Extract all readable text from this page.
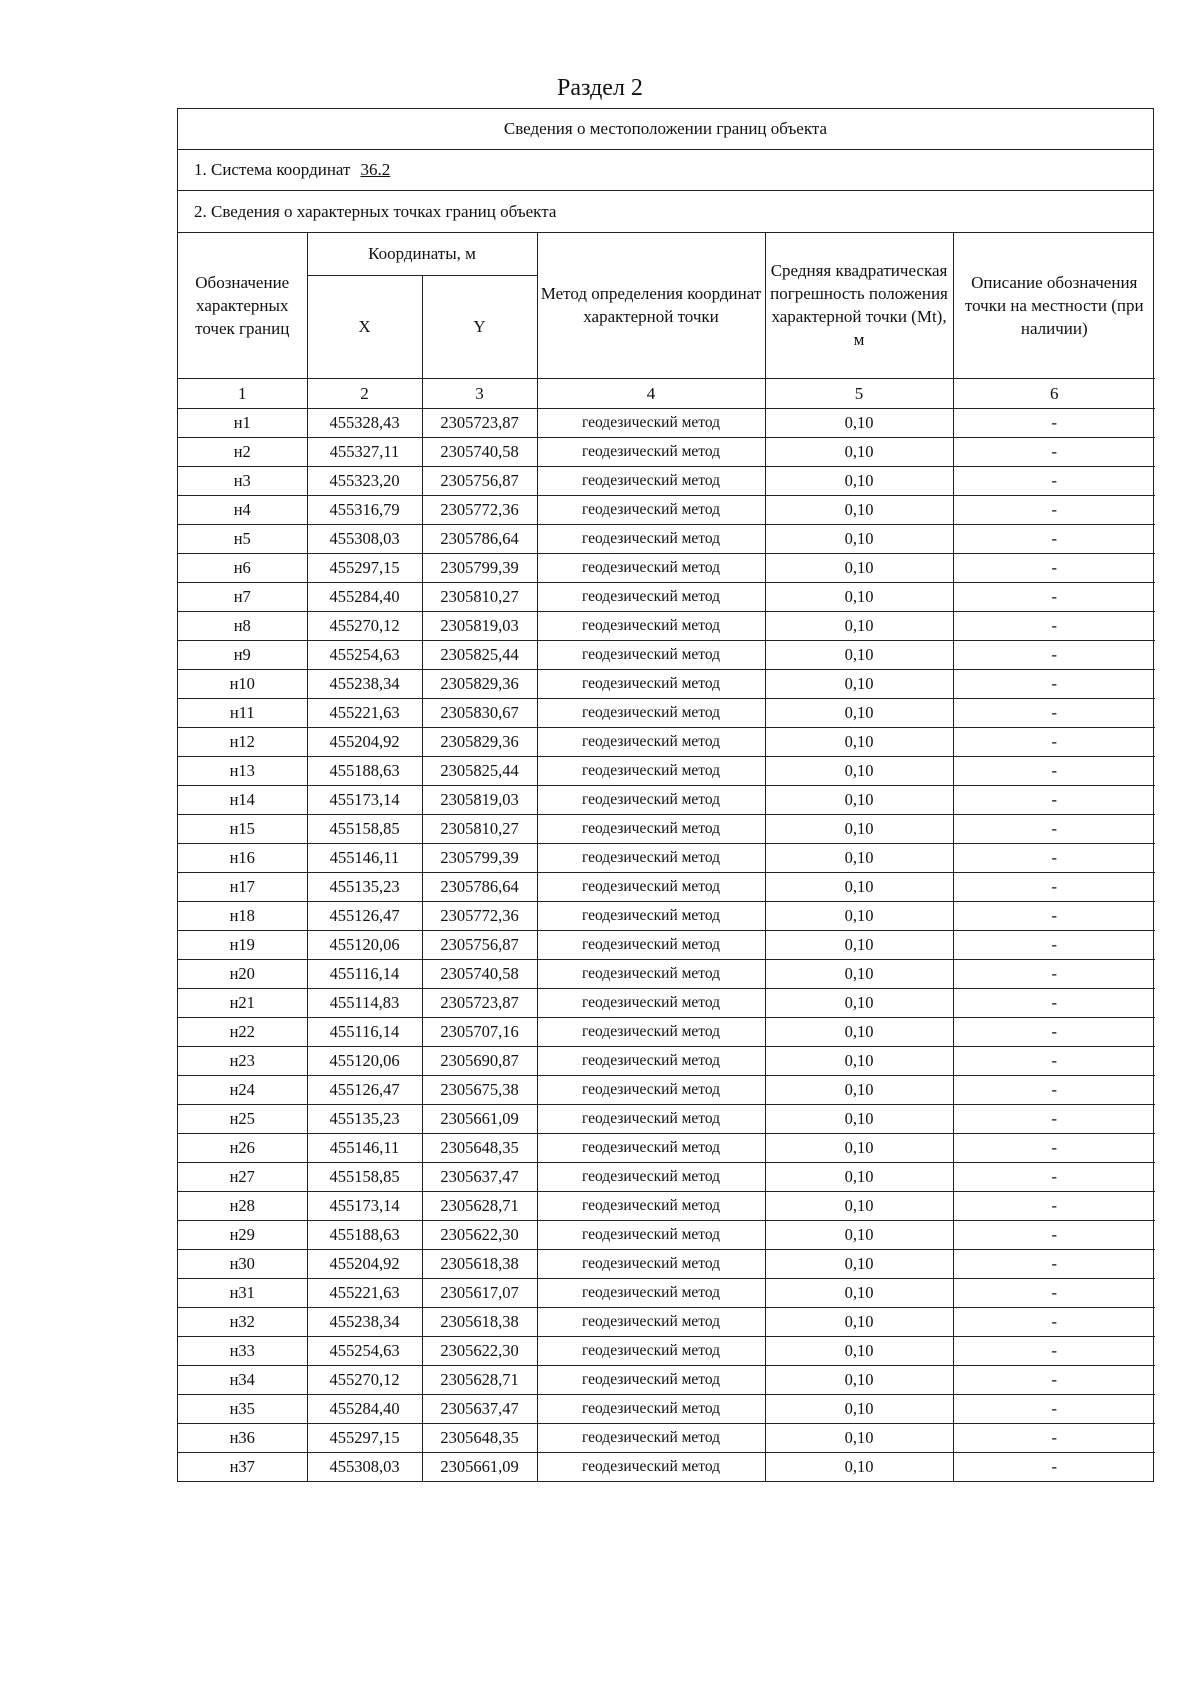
Раздел 2
Сведения о местоположении границ объекта
1. Система координат 36.2
2. Сведения о характерных точках границ объекта
Обозначение характерных точек границ	Координаты, м		Метод определения координат характерной точки	Средняя квадратическая погрешность положения характерной точки (Mt), м	Описание обозначения точки на местности (при наличии)
	X	Y			
1	2	3	4	5	6
н1	455328,43	2305723,87	геодезический метод	0,10	-
н2	455327,11	2305740,58	геодезический метод	0,10	-
н3	455323,20	2305756,87	геодезический метод	0,10	-
н4	455316,79	2305772,36	геодезический метод	0,10	-
н5	455308,03	2305786,64	геодезический метод	0,10	-
н6	455297,15	2305799,39	геодезический метод	0,10	-
н7	455284,40	2305810,27	геодезический метод	0,10	-
н8	455270,12	2305819,03	геодезический метод	0,10	-
н9	455254,63	2305825,44	геодезический метод	0,10	-
н10	455238,34	2305829,36	геодезический метод	0,10	-
н11	455221,63	2305830,67	геодезический метод	0,10	-
н12	455204,92	2305829,36	геодезический метод	0,10	-
н13	455188,63	2305825,44	геодезический метод	0,10	-
н14	455173,14	2305819,03	геодезический метод	0,10	-
н15	455158,85	2305810,27	геодезический метод	0,10	-
н16	455146,11	2305799,39	геодезический метод	0,10	-
н17	455135,23	2305786,64	геодезический метод	0,10	-
н18	455126,47	2305772,36	геодезический метод	0,10	-
н19	455120,06	2305756,87	геодезический метод	0,10	-
н20	455116,14	2305740,58	геодезический метод	0,10	-
н21	455114,83	2305723,87	геодезический метод	0,10	-
н22	455116,14	2305707,16	геодезический метод	0,10	-
н23	455120,06	2305690,87	геодезический метод	0,10	-
н24	455126,47	2305675,38	геодезический метод	0,10	-
н25	455135,23	2305661,09	геодезический метод	0,10	-
н26	455146,11	2305648,35	геодезический метод	0,10	-
н27	455158,85	2305637,47	геодезический метод	0,10	-
н28	455173,14	2305628,71	геодезический метод	0,10	-
н29	455188,63	2305622,30	геодезический метод	0,10	-
н30	455204,92	2305618,38	геодезический метод	0,10	-
н31	455221,63	2305617,07	геодезический метод	0,10	-
н32	455238,34	2305618,38	геодезический метод	0,10	-
н33	455254,63	2305622,30	геодезический метод	0,10	-
н34	455270,12	2305628,71	геодезический метод	0,10	-
н35	455284,40	2305637,47	геодезический метод	0,10	-
н36	455297,15	2305648,35	геодезический метод	0,10	-
н37	455308,03	2305661,09	геодезический метод	0,10	-
